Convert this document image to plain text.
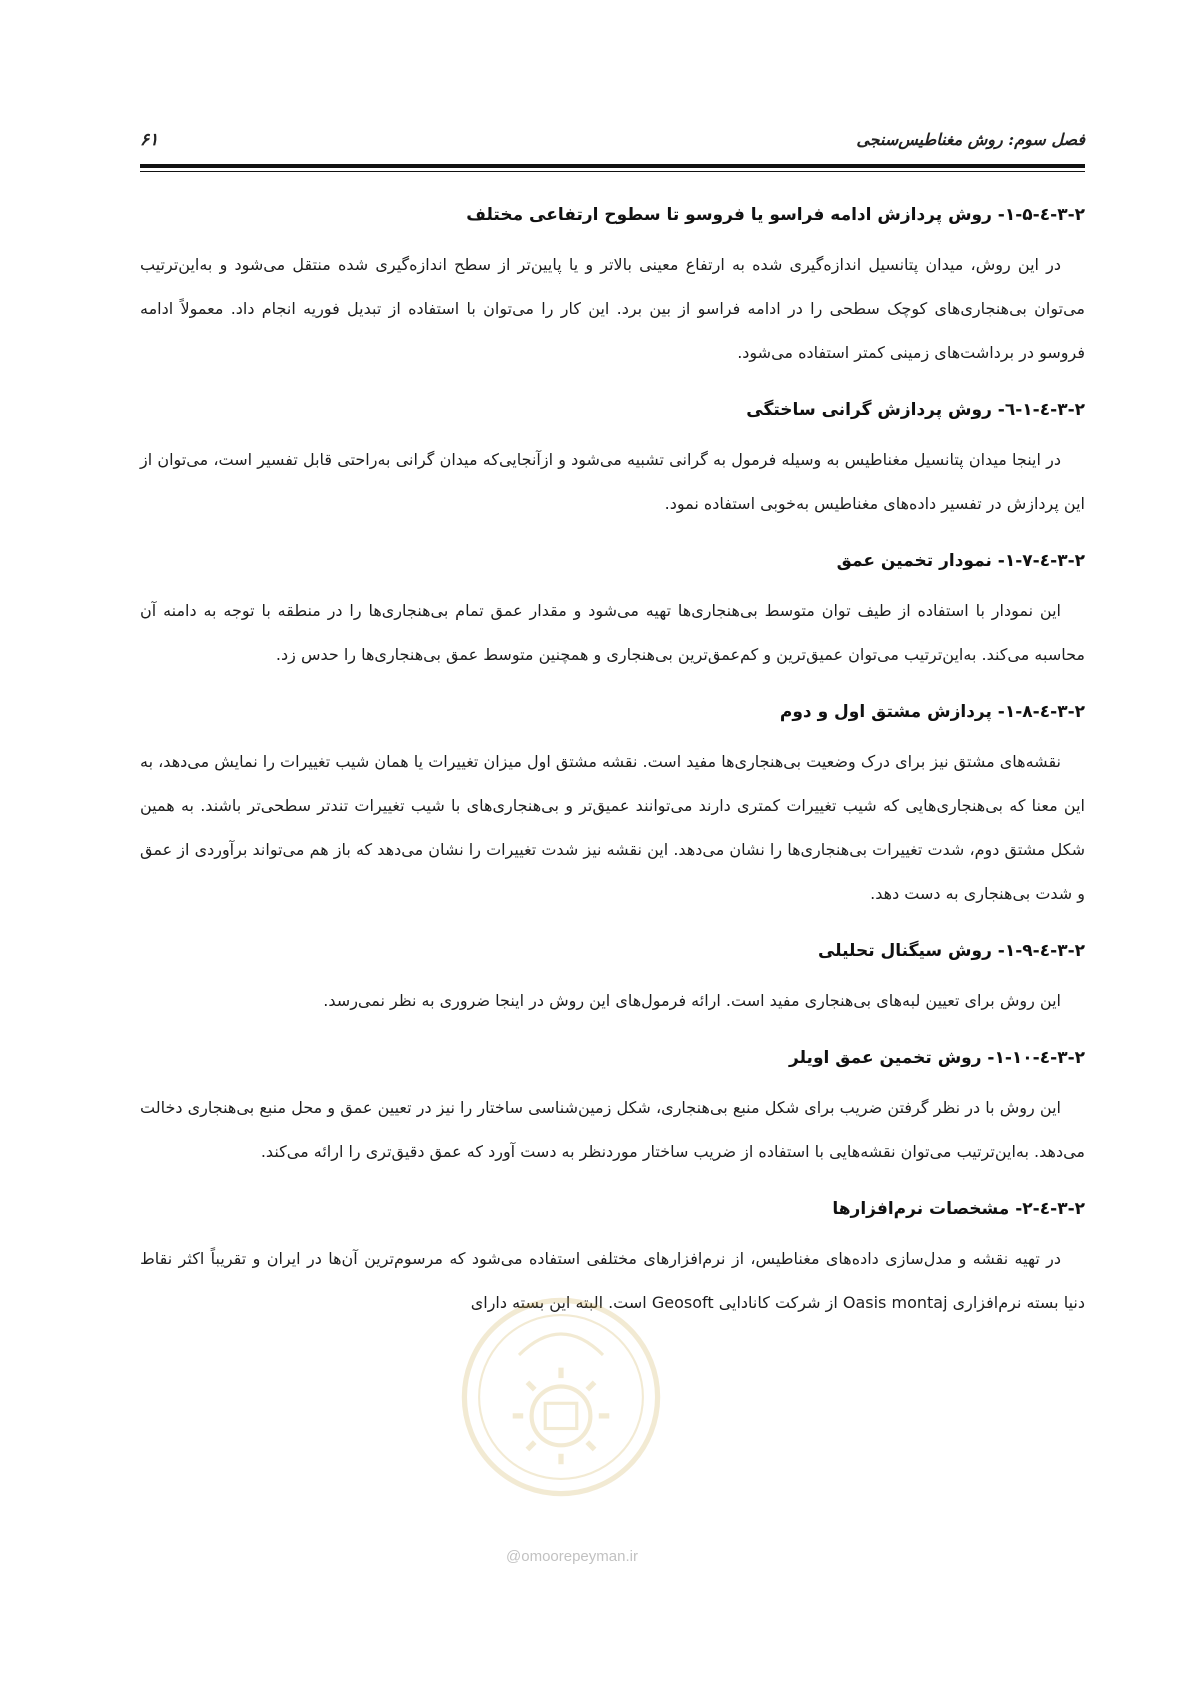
فصل سوم: روش مغناطیس‌سنجی
۶۱
۳-۲-٤-۱-۵- روش پردازش ادامه فراسو یا فروسو تا سطوح ارتفاعی مختلف

در این روش، میدان پتانسیل اندازه‌گیری شده به ارتفاع معینی بالاتر و یا پایین‌تر از سطح اندازه‌گیری شده منتقل می‌شود و به‌این‌ترتیب می‌توان بی‌هنجاری‌های کوچک سطحی را در ادامه فراسو از بین برد. این کار را می‌توان با استفاده از تبدیل فوریه انجام داد. معمولاً ادامه فروسو در برداشت‌های زمینی کمتر استفاده می‌شود.

۳-۲-٤-۱-٦- روش پردازش گرانی ساختگی

در اینجا میدان پتانسیل مغناطیس به وسیله فرمول به گرانی تشبیه می‌شود و ازآنجایی‌که میدان گرانی به‌راحتی قابل تفسیر است، می‌توان از این پردازش در تفسیر داده‌های مغناطیس به‌خوبی استفاده نمود.

۳-۲-٤-۱-۷- نمودار تخمین عمق

این نمودار با استفاده از طیف توان متوسط بی‌هنجاری‌ها تهیه می‌شود و مقدار عمق تمام بی‌هنجاری‌ها را در منطقه با توجه به دامنه آن محاسبه می‌کند. به‌این‌ترتیب می‌توان عمیق‌ترین و کم‌عمق‌ترین بی‌هنجاری و همچنین متوسط عمق بی‌هنجاری‌ها را حدس زد.

۳-۲-٤-۱-۸- پردازش مشتق اول و دوم

نقشه‌های مشتق نیز برای درک وضعیت بی‌هنجاری‌ها مفید است. نقشه مشتق اول میزان تغییرات یا همان شیب تغییرات را نمایش می‌دهد، به این معنا که بی‌هنجاری‌هایی که شیب تغییرات کمتری دارند می‌توانند عمیق‌تر و بی‌هنجاری‌های با شیب تغییرات تندتر سطحی‌تر باشند. به همین شکل مشتق دوم، شدت تغییرات بی‌هنجاری‌ها را نشان می‌دهد. این نقشه نیز شدت تغییرات را نشان می‌دهد که باز هم می‌تواند برآوردی از عمق و شدت بی‌هنجاری به دست دهد.

۳-۲-٤-۱-۹- روش سیگنال تحلیلی

این روش برای تعیین لبه‌های بی‌هنجاری مفید است. ارائه فرمول‌های این روش در اینجا ضروری به نظر نمی‌رسد.

۳-۲-٤-۱-۱۰- روش تخمین عمق اویلر

این روش با در نظر گرفتن ضریب برای شکل منبع بی‌هنجاری، شکل زمین‌شناسی ساختار را نیز در تعیین عمق و محل منبع بی‌هنجاری دخالت می‌دهد. به‌این‌ترتیب می‌توان نقشه‌هایی با استفاده از ضریب ساختار موردنظر به دست آورد که عمق دقیق‌تری را ارائه می‌کند.

۳-۲-٤-۲- مشخصات نرم‌افزارها

در تهیه نقشه و مدل‌سازی داده‌های مغناطیس، از نرم‌افزارهای مختلفی استفاده می‌شود که مرسوم‌ترین آن‌ها در ایران و تقریباً اکثر نقاط دنیا بسته نرم‌افزاری Oasis montaj از شرکت کانادایی Geosoft است. البته این بسته دارای

@omoorepeyman.ir
